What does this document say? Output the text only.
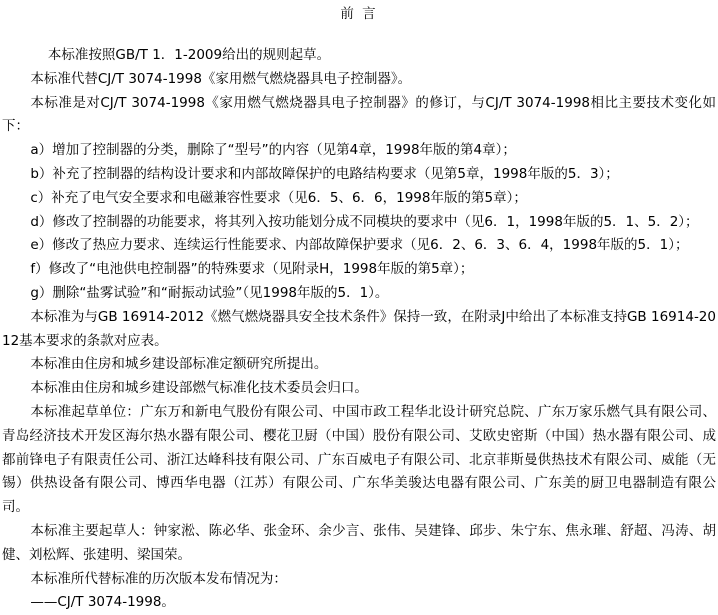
前 言

本标准按照GB/T 1．1-2009给出的规则起草。

本标准代替CJ/T 3074-1998《家用燃气燃烧器具电子控制器》。

本标准是对CJ/T 3074-1998《家用燃气燃烧器具电子控制器》的修订，与CJ/T 3074-1998相比主要技术变化如下：

a）增加了控制器的分类，删除了“型号”的内容（见第4章，1998年版的第4章）；

b）补充了控制器的结构设计要求和内部故障保护的电路结构要求（见第5章，1998年版的5．3）；

c）补充了电气安全要求和电磁兼容性要求（见6．5、6．6，1998年版的第5章）；

d）修改了控制器的功能要求，将其列入按功能划分成不同模块的要求中（见6．1，1998年版的5．1、5．2）；

e）修改了热应力要求、连续运行性能要求、内部故障保护要求（见6．2、6．3、6．4，1998年版的5．1）；

f）修改了“电池供电控制器”的特殊要求（见附录H，1998年版的第5章）；

g）删除“盐雾试验”和“耐振动试验”（见1998年版的5．1）。

本标准为与GB 16914-2012《燃气燃烧器具安全技术条件》保持一致，在附录J中给出了本标准支持GB 16914-2012基本要求的条款对应表。

本标准由住房和城乡建设部标准定额研究所提出。

本标准由住房和城乡建设部燃气标准化技术委员会归口。

本标准起草单位：广东万和新电气股份有限公司、中国市政工程华北设计研究总院、广东万家乐燃气具有限公司、青岛经济技术开发区海尔热水器有限公司、樱花卫厨（中国）股份有限公司、艾欧史密斯（中国）热水器有限公司、成都前锋电子有限责任公司、浙江达峰科技有限公司、广东百威电子有限公司、北京菲斯曼供热技术有限公司、威能（无锡）供热设备有限公司、博西华电器（江苏）有限公司、广东华美骏达电器有限公司、广东美的厨卫电器制造有限公司。

本标准主要起草人：钟家淞、陈必华、张金环、余少言、张伟、吴建锋、邱步、朱宁东、焦永璀、舒超、冯涛、胡健、刘松辉、张建明、梁国荣。

本标准所代替标准的历次版本发布情况为：

——CJ/T 3074-1998。
